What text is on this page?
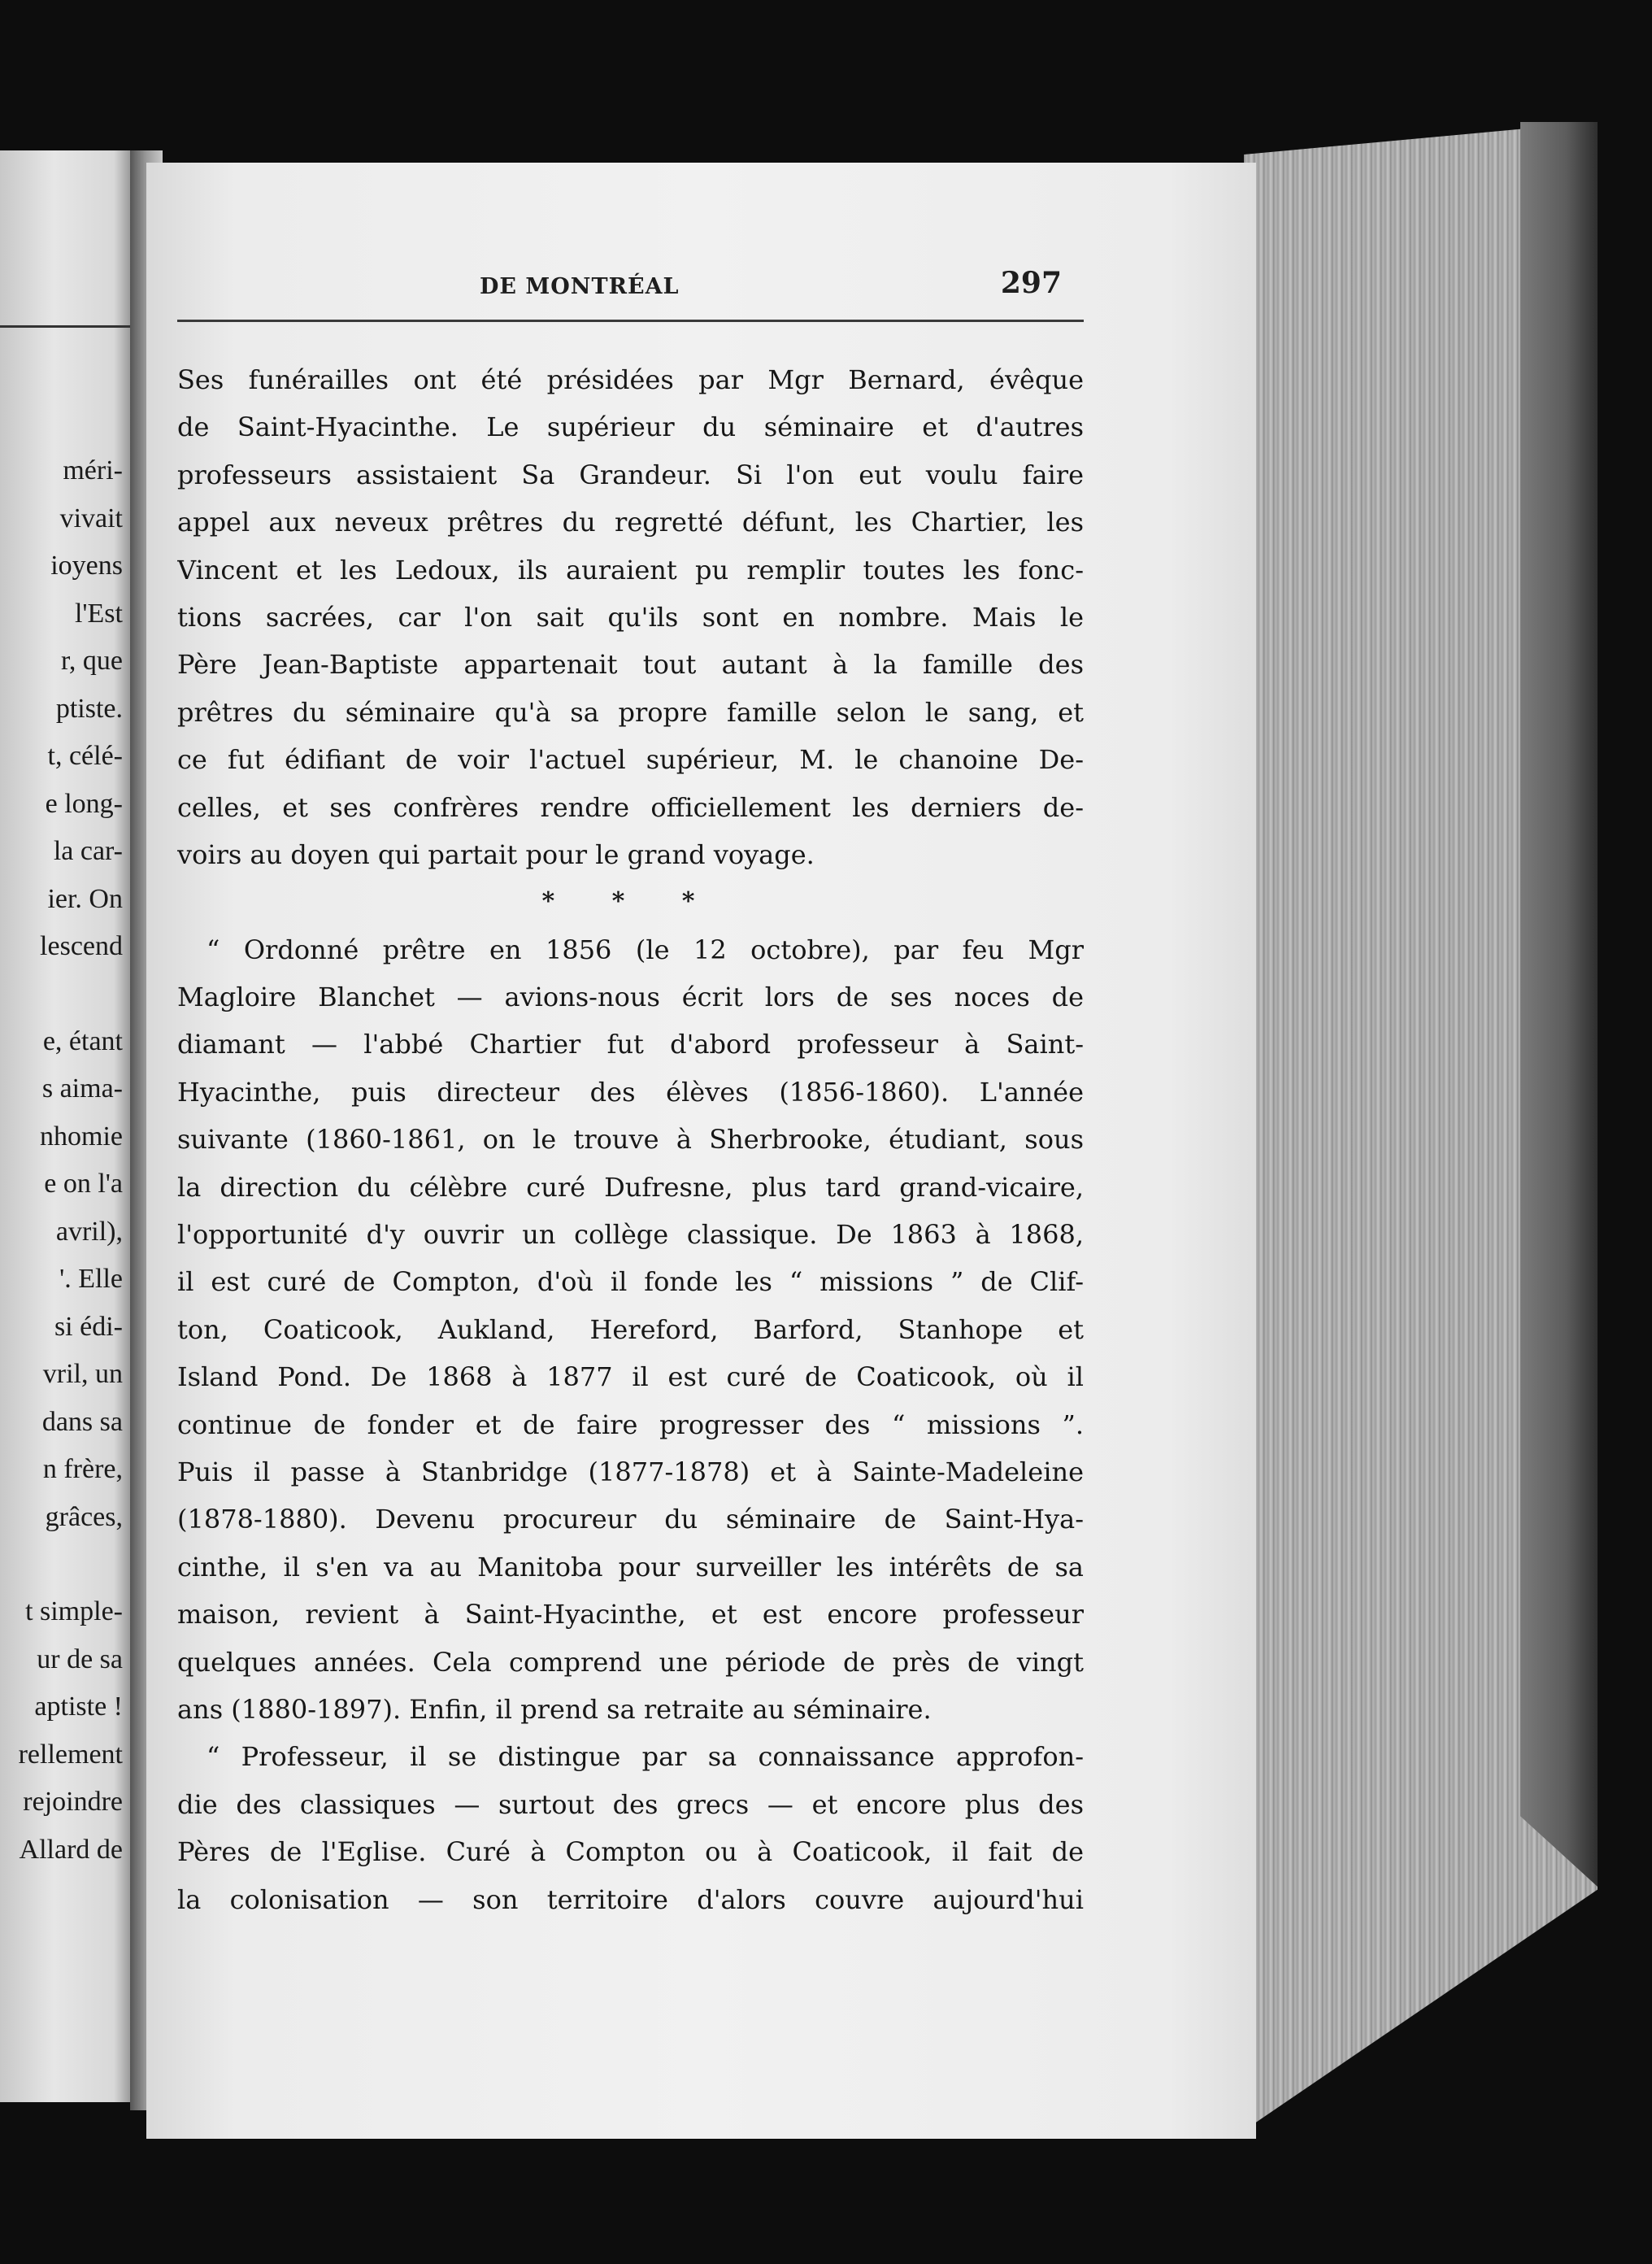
méri-
vivait
ioyens
l'Est
r, que
ptiste.
t, célé-
e long-
la car-
ier. On
lescend

e, étant
s aima-
nhomie
e on l'a
avril),
'. Elle
si édi-
vril, un
dans sa
n frère,
grâces,

t simple-
ur de sa
aptiste !
rellement
rejoindre
Allard de
DE MONTRÉAL	297
Ses funérailles ont été présidées par Mgr Bernard, évêque
de Saint-Hyacinthe. Le supérieur du séminaire et d'autres
professeurs assistaient Sa Grandeur. Si l'on eut voulu faire
appel aux neveux prêtres du regretté défunt, les Chartier, les
Vincent et les Ledoux, ils auraient pu remplir toutes les fonc-
tions sacrées, car l'on sait qu'ils sont en nombre. Mais le
Père Jean-Baptiste appartenait tout autant à la famille des
prêtres du séminaire qu'à sa propre famille selon le sang, et
ce fut édifiant de voir l'actuel supérieur, M. le chanoine De-
celles, et ses confrères rendre officiellement les derniers de-
voirs au doyen qui partait pour le grand voyage.
* * *
“ Ordonné prêtre en 1856 (le 12 octobre), par feu Mgr
Magloire Blanchet — avions-nous écrit lors de ses noces de
diamant — l'abbé Chartier fut d'abord professeur à Saint-
Hyacinthe, puis directeur des élèves (1856-1860). L'année
suivante (1860-1861, on le trouve à Sherbrooke, étudiant, sous
la direction du célèbre curé Dufresne, plus tard grand-vicaire,
l'opportunité d'y ouvrir un collège classique. De 1863 à 1868,
il est curé de Compton, d'où il fonde les “ missions ” de Clif-
ton, Coaticook, Aukland, Hereford, Barford, Stanhope et
Island Pond. De 1868 à 1877 il est curé de Coaticook, où il
continue de fonder et de faire progresser des “ missions ”.
Puis il passe à Stanbridge (1877-1878) et à Sainte-Madeleine
(1878-1880). Devenu procureur du séminaire de Saint-Hya-
cinthe, il s'en va au Manitoba pour surveiller les intérêts de sa
maison, revient à Saint-Hyacinthe, et est encore professeur
quelques années. Cela comprend une période de près de vingt
ans (1880-1897). Enfin, il prend sa retraite au séminaire.
“ Professeur, il se distingue par sa connaissance approfon-
die des classiques — surtout des grecs — et encore plus des
Pères de l'Eglise. Curé à Compton ou à Coaticook, il fait de
la colonisation — son territoire d'alors couvre aujourd'hui
